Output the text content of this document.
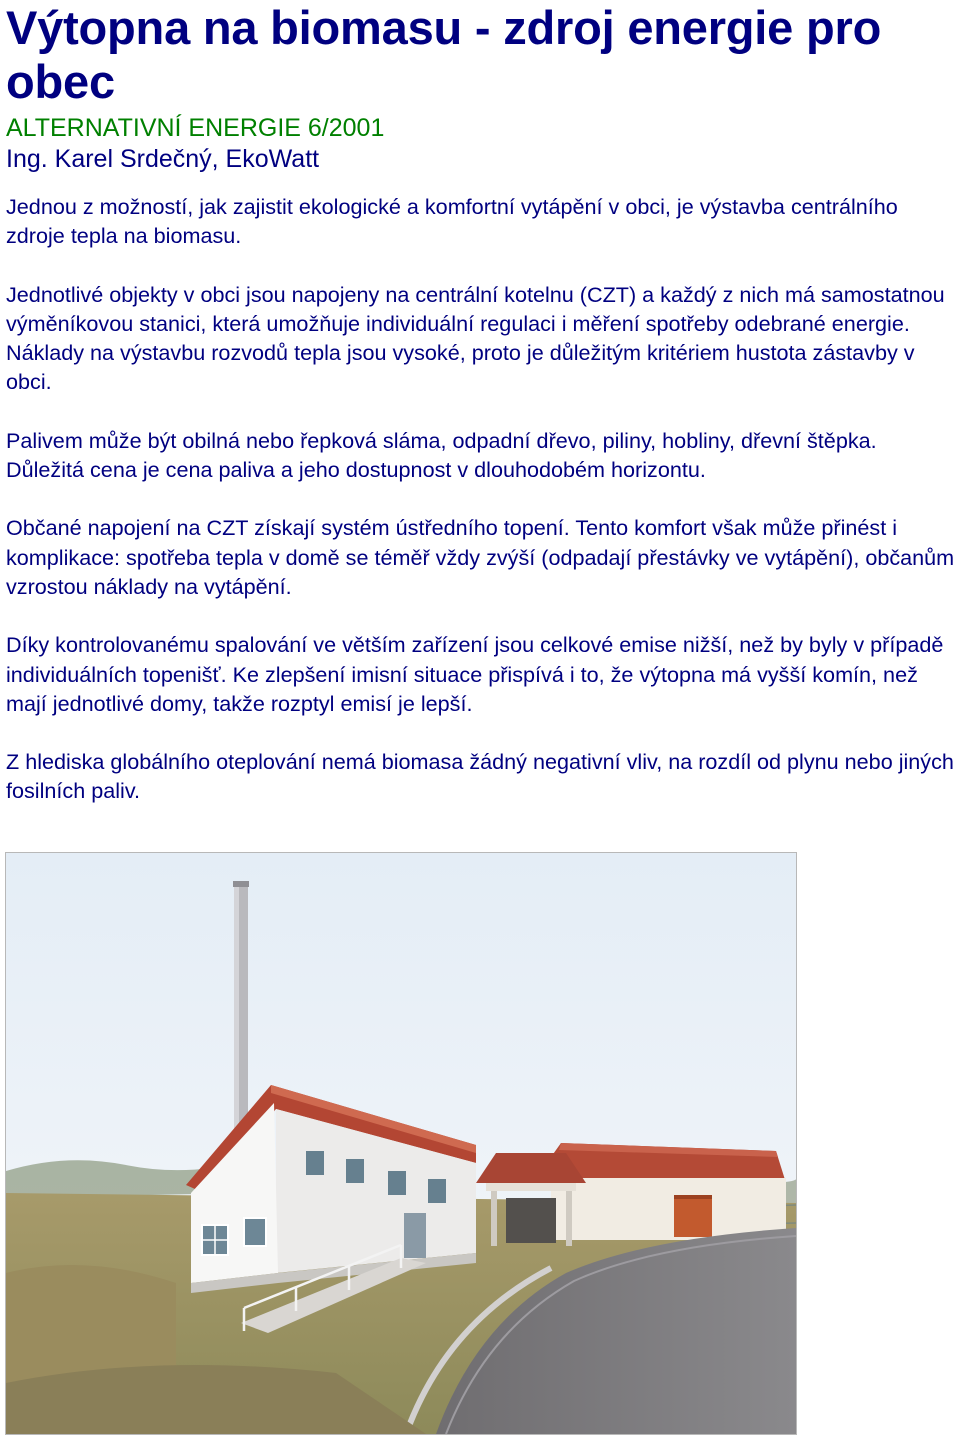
Výtopna na biomasu - zdroj energie pro obec

ALTERNATIVNÍ ENERGIE 6/2001

Ing. Karel Srdečný, EkoWatt

Jednou z možností, jak zajistit ekologické a komfortní vytápění v obci, je výstavba centrálního zdroje tepla na biomasu.

Jednotlivé objekty v obci jsou napojeny na centrální kotelnu (CZT) a každý z nich má samostatnou výměníkovou stanici, která umožňuje individuální regulaci i měření spotřeby odebrané energie. Náklady na výstavbu rozvodů tepla jsou vysoké, proto je důležitým kritériem hustota zástavby v obci.

Palivem může být obilná nebo řepková sláma, odpadní dřevo, piliny, hobliny, dřevní štěpka. Důležitá cena je cena paliva a jeho dostupnost v dlouhodobém horizontu.

Občané napojení na CZT získají systém ústředního topení. Tento komfort však může přinést i komplikace: spotřeba tepla v domě se téměř vždy zvýší (odpadají přestávky ve vytápění), občanům vzrostou náklady na vytápění.

Díky kontrolovanému spalování ve větším zařízení jsou celkové emise nižší, než by byly v případě individuálních topenišť. Ke zlepšení imisní situace přispívá i to, že výtopna má vyšší komín, než mají jednotlivé domy, takže rozptyl emisí je lepší.

Z hlediska globálního oteplování nemá biomasa žádný negativní vliv, na rozdíl od plynu nebo jiných fosilních paliv.
